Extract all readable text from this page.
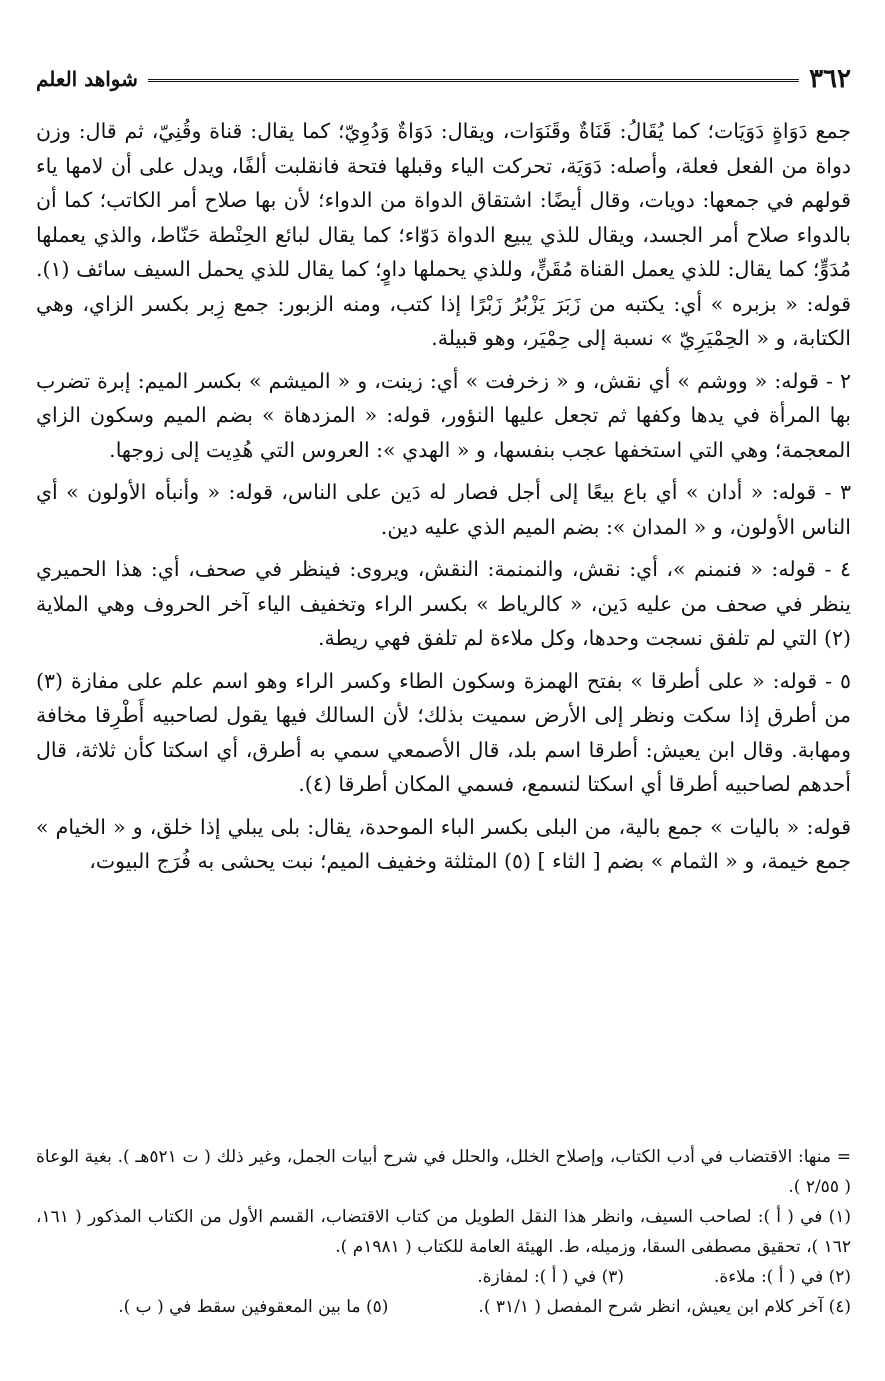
٣٦٢
شواهد العلم

جمع دَوَاةٍ دَوَيَات؛ كما يُقَالُ: قَنَاةٌ وقَنَوَات، ويقال: دَوَاةٌ وَدُوِيّ؛ كما يقال: قناة وقُنِيّ، ثم قال: وزن دواة من الفعل فعلة، وأصله: دَوَيَة، تحركت الياء وقبلها فتحة فانقلبت ألفًا، ويدل على أن لامها ياء قولهم في جمعها: دويات، وقال أيضًا: اشتقاق الدواة من الدواء؛ لأن بها صلاح أمر الكاتب؛ كما أن بالدواء صلاح أمر الجسد، ويقال للذي يبيع الدواة دَوّاء؛ كما يقال لبائع الحِنْطة حَنّاط، والذي يعملها مُدَوٍّ؛ كما يقال: للذي يعمل القناة مُقَنٍّ، وللذي يحملها داوٍ؛ كما يقال للذي يحمل السيف سائف (١). قوله: « بزبره » أي: يكتبه من زَبَرَ يَزْبُرُ زَبْرًا إذا كتب، ومنه الزبور: جمع زِبر بكسر الزاي، وهي الكتابة، و « الحِمْيَرِيّ » نسبة إلى حِمْيَر، وهو قبيلة.

٢ - قوله: « ووشم » أي نقش، و « زخرفت » أي: زينت، و « الميشم » بكسر الميم: إبرة تضرب بها المرأة في يدها وكفها ثم تجعل عليها النؤور، قوله: « المزدهاة » بضم الميم وسكون الزاي المعجمة؛ وهي التي استخفها عجب بنفسها، و « الهدي »: العروس التي هُدِيت إلى زوجها.

٣ - قوله: « أدان » أي باع بيعًا إلى أجل فصار له دَين على الناس، قوله: « وأنبأه الأولون » أي الناس الأولون، و « المدان »: بضم الميم الذي عليه دين.

٤ - قوله: « فنمنم »، أي: نقش، والنمنمة: النقش، ويروى: فينظر في صحف، أي: هذا الحميري ينظر في صحف من عليه دَين، « كالرياط » بكسر الراء وتخفيف الياء آخر الحروف وهي الملاية (٢) التي لم تلفق نسجت وحدها، وكل ملاءة لم تلفق فهي ريطة.

٥ - قوله: « على أطرقا » بفتح الهمزة وسكون الطاء وكسر الراء وهو اسم علم على مفازة (٣) من أطرق إذا سكت ونظر إلى الأرض سميت بذلك؛ لأن السالك فيها يقول لصاحبيه أَطْرِقا مخافة ومهابة. وقال ابن يعيش: أطرقا اسم بلد، قال الأصمعي سمي به أطرق، أي اسكتا كأن ثلاثة، قال أحدهم لصاحبيه أطرقا أي اسكتا لنسمع، فسمي المكان أطرقا (٤).

قوله: « باليات » جمع بالية، من البلى بكسر الباء الموحدة، يقال: بلى يبلي إذا خلق، و « الخيام » جمع خيمة، و « الثمام » بضم [ الثاء ] (٥) المثلثة وخفيف الميم؛ نبت يحشى به فُرَج البيوت،

= منها: الاقتضاب في أدب الكتاب، وإصلاح الخلل، والحلل في شرح أبيات الجمل، وغير ذلك ( ت ٥٢١هـ ). بغية الوعاة ( ٢/٥٥ ).

(١) في ( أ ): لصاحب السيف، وانظر هذا النقل الطويل من كتاب الاقتضاب، القسم الأول من الكتاب المذكور ( ١٦١، ١٦٢ )، تحقيق مصطفى السقا، وزميله، ط. الهيئة العامة للكتاب ( ١٩٨١م ).

(٢) في ( أ ): ملاءة.
(٣) في ( أ ): لمفازة.
(٤) آخر كلام ابن يعيش، انظر شرح المفصل ( ٣١/١ ).
(٥) ما بين المعقوفين سقط في ( ب ).
